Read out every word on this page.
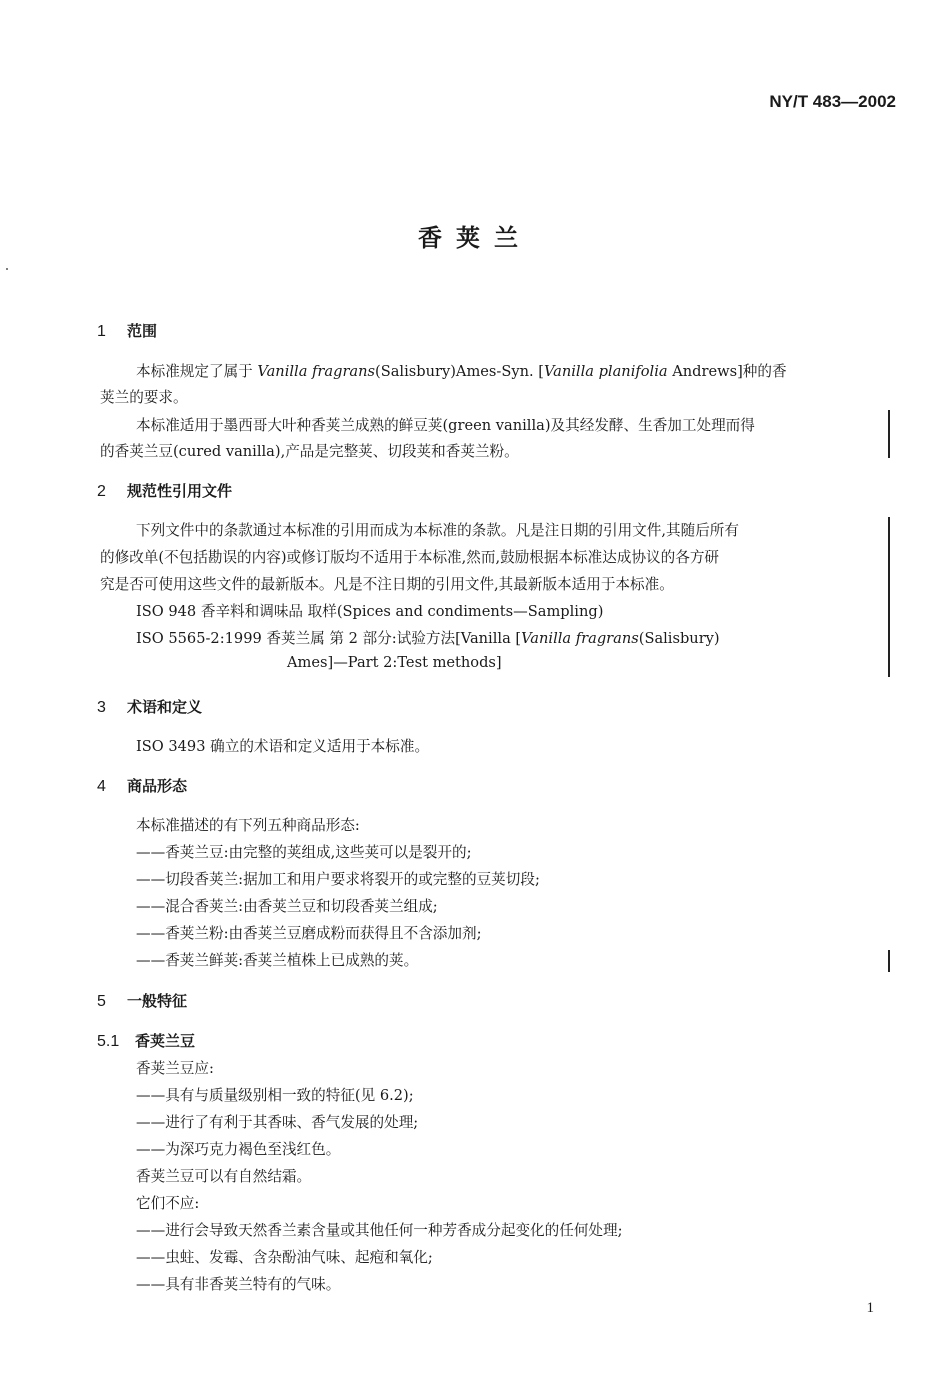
NY/T 483—2002
香荚兰
1 范围
本标准规定了属于 Vanilla fragrans(Salisbury)Ames-Syn. [Vanilla planifolia Andrews]种的香
荚兰的要求。
本标准适用于墨西哥大叶种香荚兰成熟的鲜豆荚(green vanilla)及其经发酵、生香加工处理而得
的香荚兰豆(cured vanilla),产品是完整荚、切段荚和香荚兰粉。
2 规范性引用文件
下列文件中的条款通过本标准的引用而成为本标准的条款。凡是注日期的引用文件,其随后所有
的修改单(不包括勘误的内容)或修订版均不适用于本标准,然而,鼓励根据本标准达成协议的各方研
究是否可使用这些文件的最新版本。凡是不注日期的引用文件,其最新版本适用于本标准。
ISO 948 香辛料和调味品 取样(Spices and condiments—Sampling)
ISO 5565-2:1999 香荚兰属 第 2 部分:试验方法[Vanilla [Vanilla fragrans(Salisbury)
Ames]—Part 2:Test methods]
3 术语和定义
ISO 3493 确立的术语和定义适用于本标准。
4 商品形态
本标准描述的有下列五种商品形态:
——香荚兰豆:由完整的荚组成,这些荚可以是裂开的;
——切段香荚兰:据加工和用户要求将裂开的或完整的豆荚切段;
——混合香荚兰:由香荚兰豆和切段香荚兰组成;
——香荚兰粉:由香荚兰豆磨成粉而获得且不含添加剂;
——香荚兰鲜荚:香荚兰植株上已成熟的荚。
5 一般特征
5.1 香荚兰豆
香荚兰豆应:
——具有与质量级别相一致的特征(见 6.2);
——进行了有利于其香味、香气发展的处理;
——为深巧克力褐色至浅红色。
香荚兰豆可以有自然结霜。
它们不应:
——进行会导致天然香兰素含量或其他任何一种芳香成分起变化的任何处理;
——虫蛀、发霉、含杂酚油气味、起疱和氧化;
——具有非香荚兰特有的气味。
1
